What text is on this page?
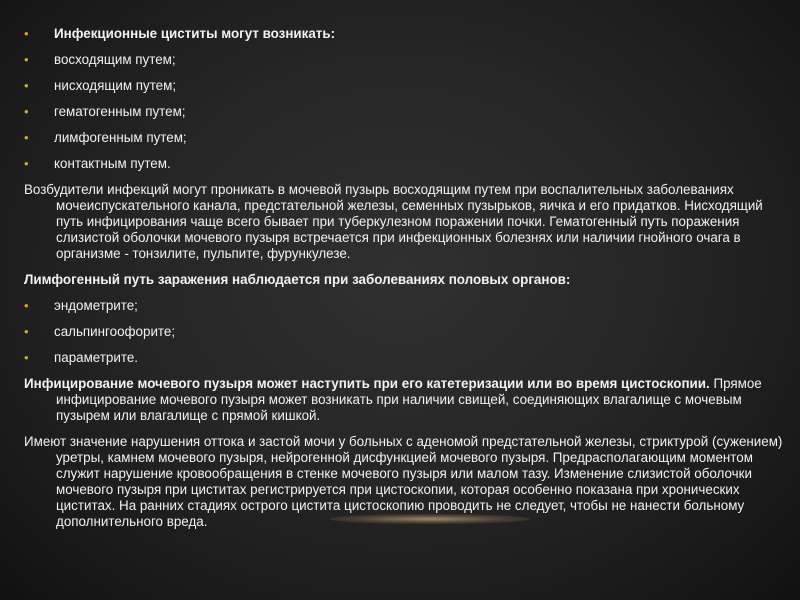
• Инфекционные циститы могут возникать:
• восходящим путем;
• нисходящим путем;
• гематогенным путем;
• лимфогенным путем;
• контактным путем.

Возбудители инфекций могут проникать в мочевой пузырь восходящим путем при воспалительных заболеваниях мочеиспускательного канала, предстательной железы, семенных пузырьков, яичка и его придатков. Нисходящий путь инфицирования чаще всего бывает при туберкулезном поражении почки. Гематогенный путь поражения слизистой оболочки мочевого пузыря встречается при инфекционных болезнях или наличии гнойного очага в организме - тонзилите, пульпите, фурункулезе.

Лимфогенный путь заражения наблюдается при заболеваниях половых органов:

• эндометрите;
• сальпингоофорите;
• параметрите.

Инфицирование мочевого пузыря может наступить при его катетеризации или во время цистоскопии. Прямое инфицирование мочевого пузыря может возникать при наличии свищей, соединяющих влагалище с мочевым пузырем или влагалище с прямой кишкой.

Имеют значение нарушения оттока и застой мочи у больных с аденомой предстательной железы, стриктурой (сужением) уретры, камнем мочевого пузыря, нейрогенной дисфункцией мочевого пузыря. Предрасполагающим моментом служит нарушение кровообращения в стенке мочевого пузыря или малом тазу. Изменение слизистой оболочки мочевого пузыря при циститах регистрируется при цистоскопии, которая особенно показана при хронических циститах. На ранних стадиях острого цистита цистоскопию проводить не следует, чтобы не нанести больному дополнительного вреда.
